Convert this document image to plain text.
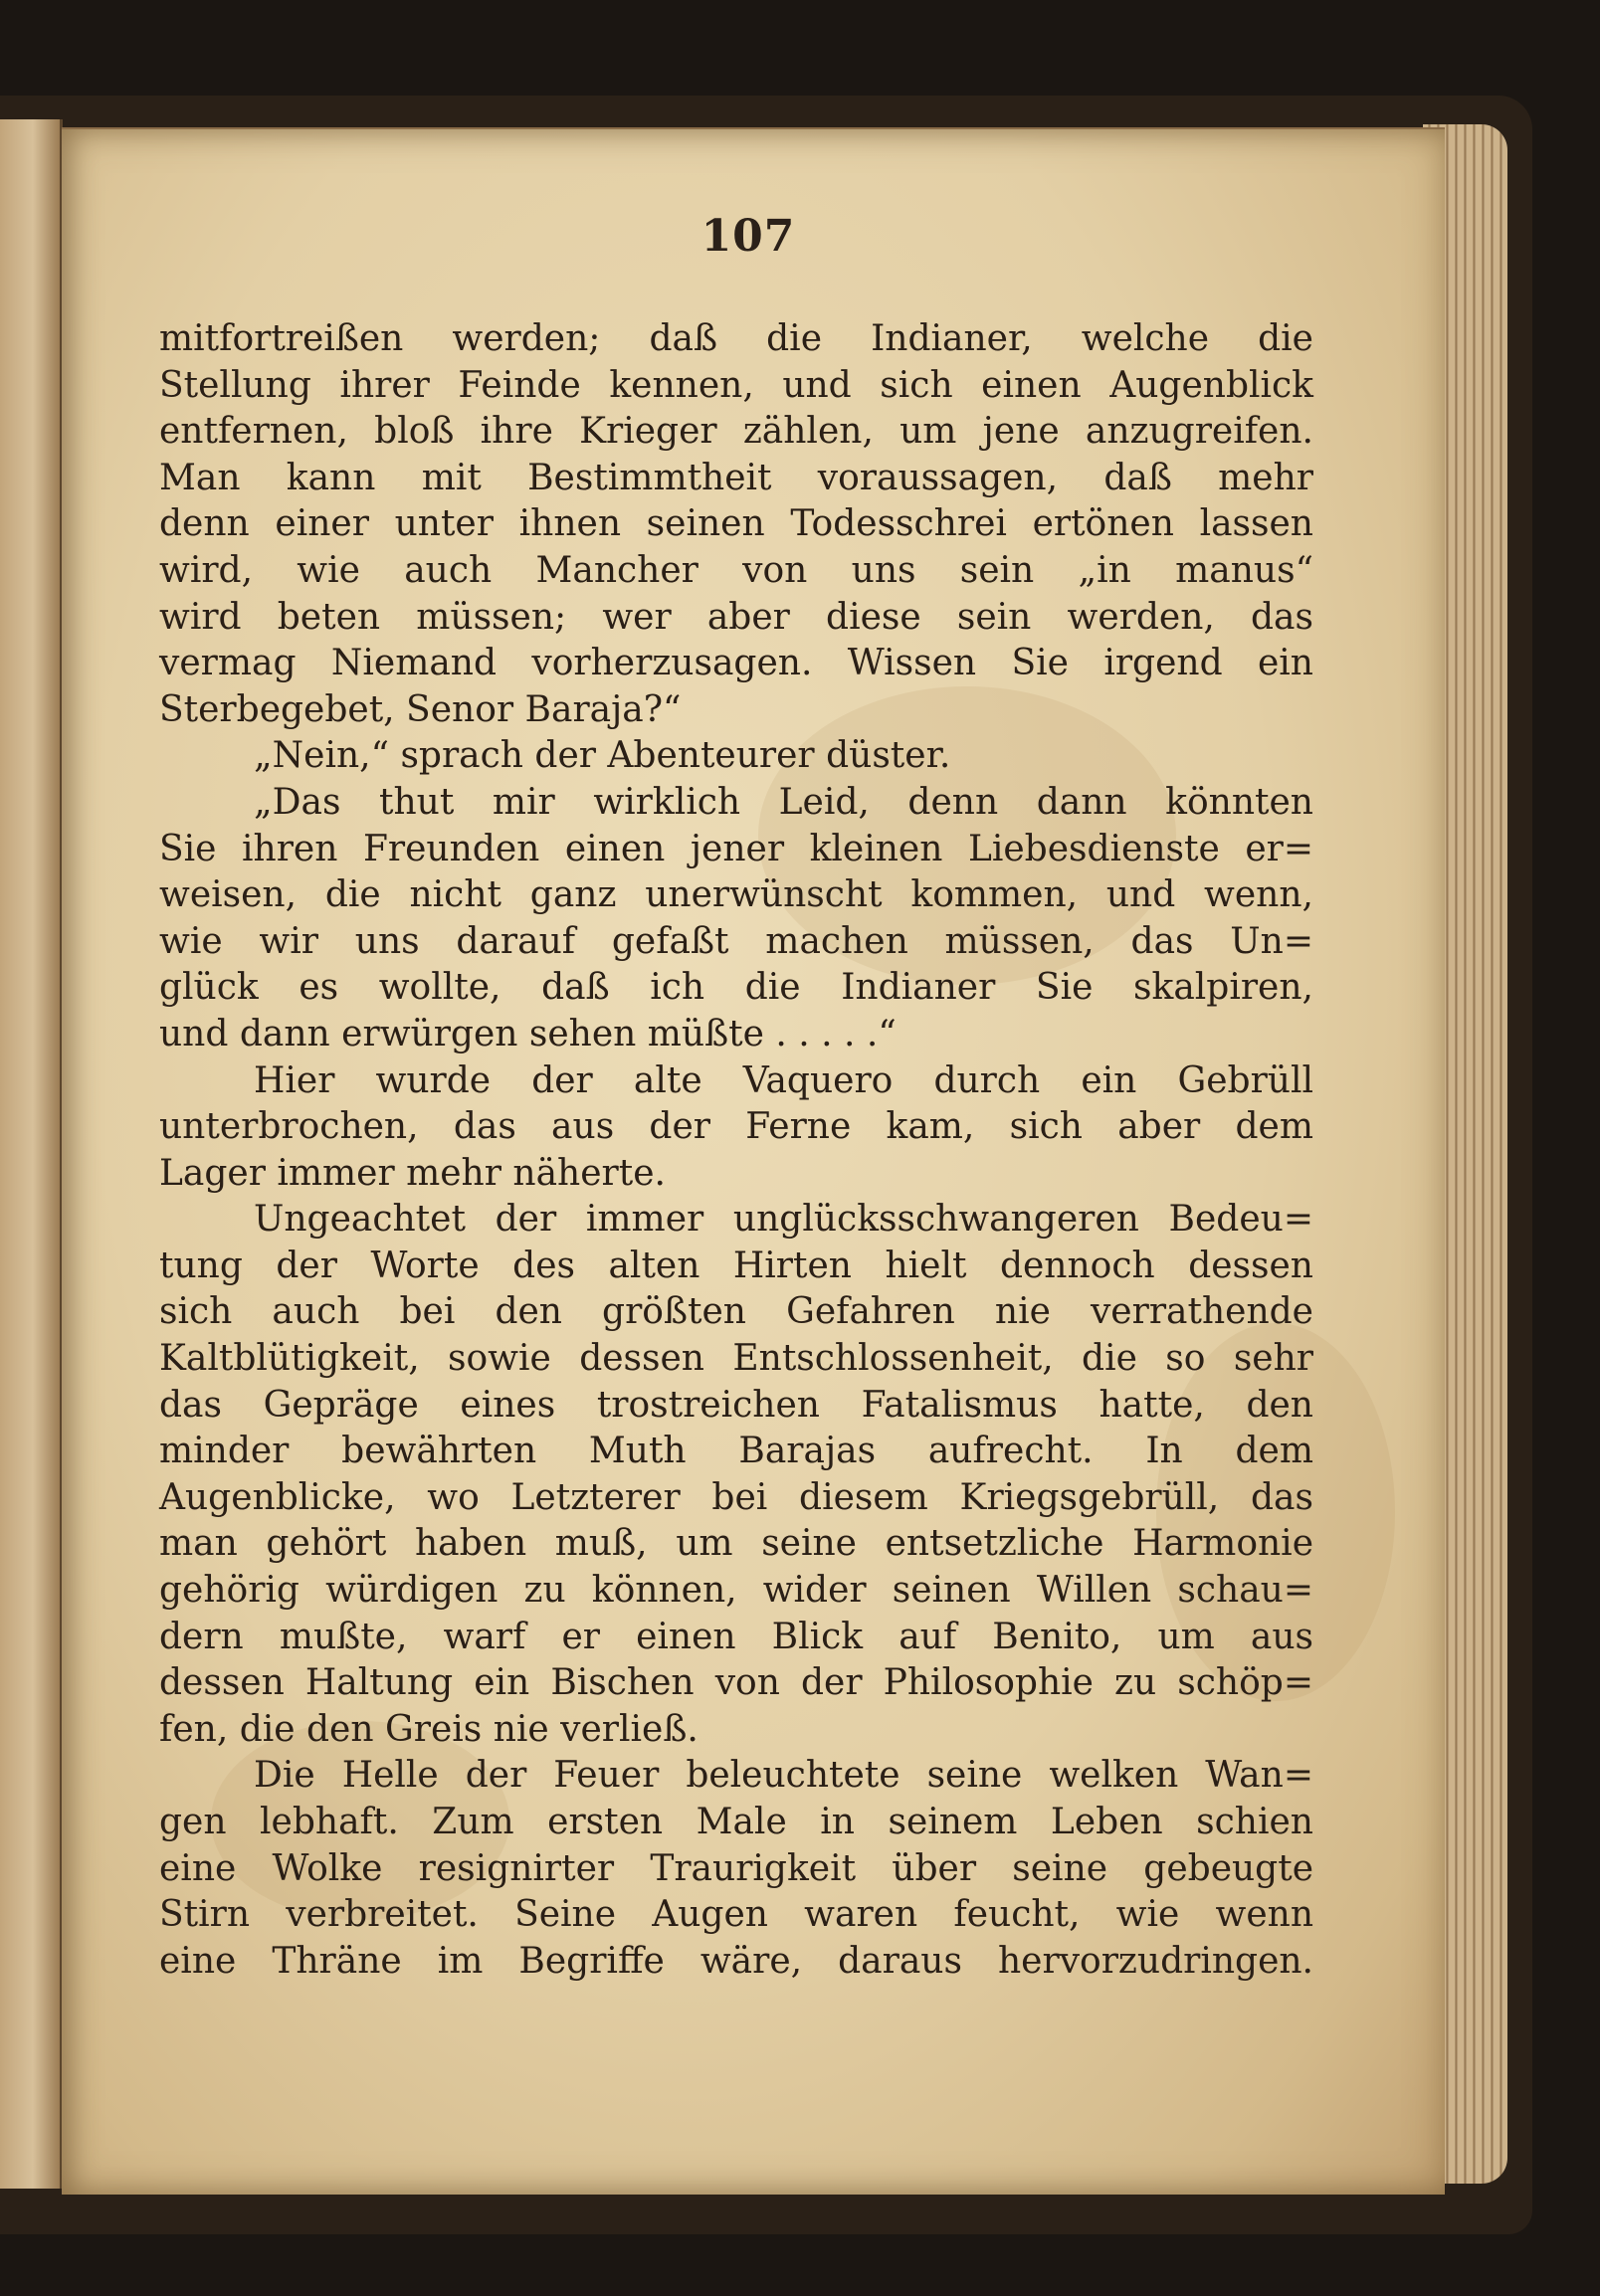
107
mitfortreißen werden; daß die Indianer, welche die
Stellung ihrer Feinde kennen, und sich einen Augenblick
entfernen, bloß ihre Krieger zählen, um jene anzugreifen.
Man kann mit Bestimmtheit voraussagen, daß mehr
denn einer unter ihnen seinen Todesschrei ertönen lassen
wird, wie auch Mancher von uns sein „in manus“
wird beten müssen; wer aber diese sein werden, das
vermag Niemand vorherzusagen. Wissen Sie irgend ein
Sterbegebet, Senor Baraja?“
„Nein,“ sprach der Abenteurer düster.
„Das thut mir wirklich Leid, denn dann könnten
Sie ihren Freunden einen jener kleinen Liebesdienste er=
weisen, die nicht ganz unerwünscht kommen, und wenn,
wie wir uns darauf gefaßt machen müssen, das Un=
glück es wollte, daß ich die Indianer Sie skalpiren,
und dann erwürgen sehen müßte . . . . .“
Hier wurde der alte Vaquero durch ein Gebrüll
unterbrochen, das aus der Ferne kam, sich aber dem
Lager immer mehr näherte.
Ungeachtet der immer unglücksschwangeren Bedeu=
tung der Worte des alten Hirten hielt dennoch dessen
sich auch bei den größten Gefahren nie verrathende
Kaltblütigkeit, sowie dessen Entschlossenheit, die so sehr
das Gepräge eines trostreichen Fatalismus hatte, den
minder bewährten Muth Barajas aufrecht. In dem
Augenblicke, wo Letzterer bei diesem Kriegsgebrüll, das
man gehört haben muß, um seine entsetzliche Harmonie
gehörig würdigen zu können, wider seinen Willen schau=
dern mußte, warf er einen Blick auf Benito, um aus
dessen Haltung ein Bischen von der Philosophie zu schöp=
fen, die den Greis nie verließ.
Die Helle der Feuer beleuchtete seine welken Wan=
gen lebhaft. Zum ersten Male in seinem Leben schien
eine Wolke resignirter Traurigkeit über seine gebeugte
Stirn verbreitet. Seine Augen waren feucht, wie wenn
eine Thräne im Begriffe wäre, daraus hervorzudringen.
